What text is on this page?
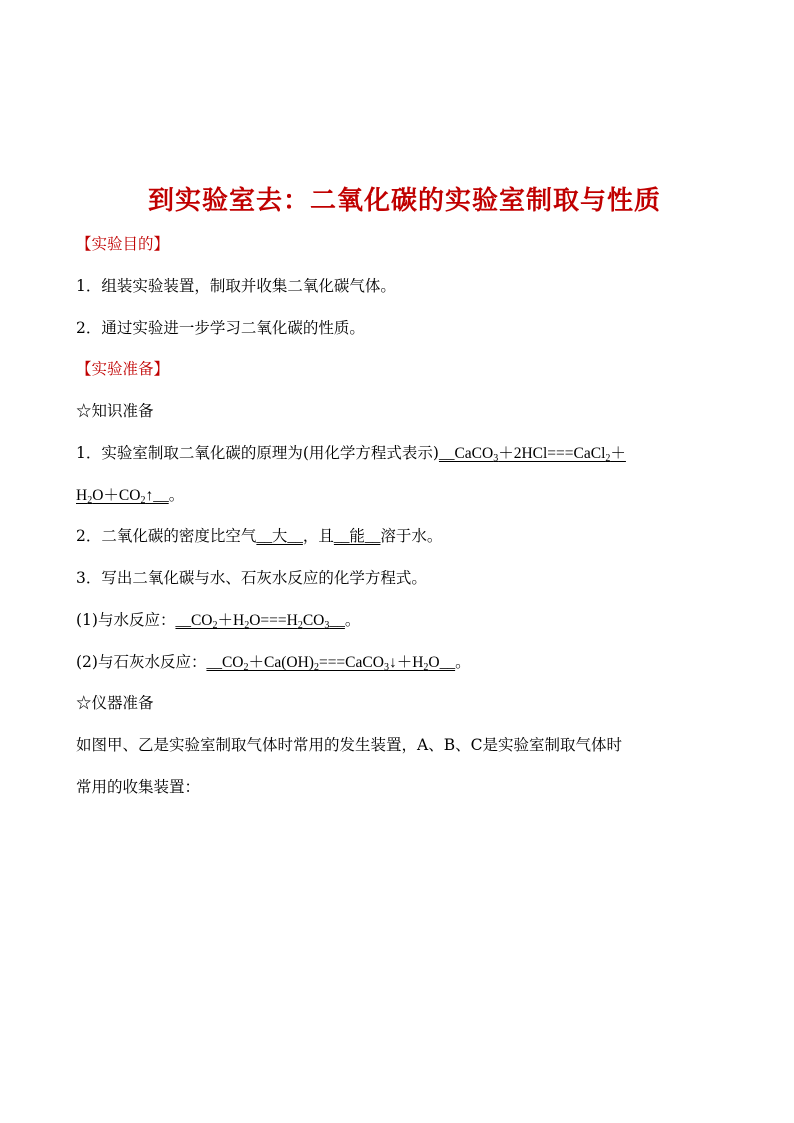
到实验室去：二氧化碳的实验室制取与性质
【实验目的】
1．组装实验装置，制取并收集二氧化碳气体。
2．通过实验进一步学习二氧化碳的性质。
【实验准备】
☆知识准备
1．实验室制取二氧化碳的原理为(用化学方程式表示)__CaCO$_3$＋2HCl===CaCl$_2$＋
$H_2O+CO_2↑\_\_$。
2．二氧化碳的密度比空气__大__，且__能__溶于水。
3．写出二氧化碳与水、石灰水反应的化学方程式。
(1)与水反应：$\_\_CO_2+H_2O===H_2CO_3\_\_$。
(2)与石灰水反应：$\_\_CO_2+Ca(OH)_2===CaCO_3↓+H_2O\_\_$。
☆仪器准备
如图甲、乙是实验室制取气体时常用的发生装置，A、B、C是实验室制取气体时
常用的收集装置：
